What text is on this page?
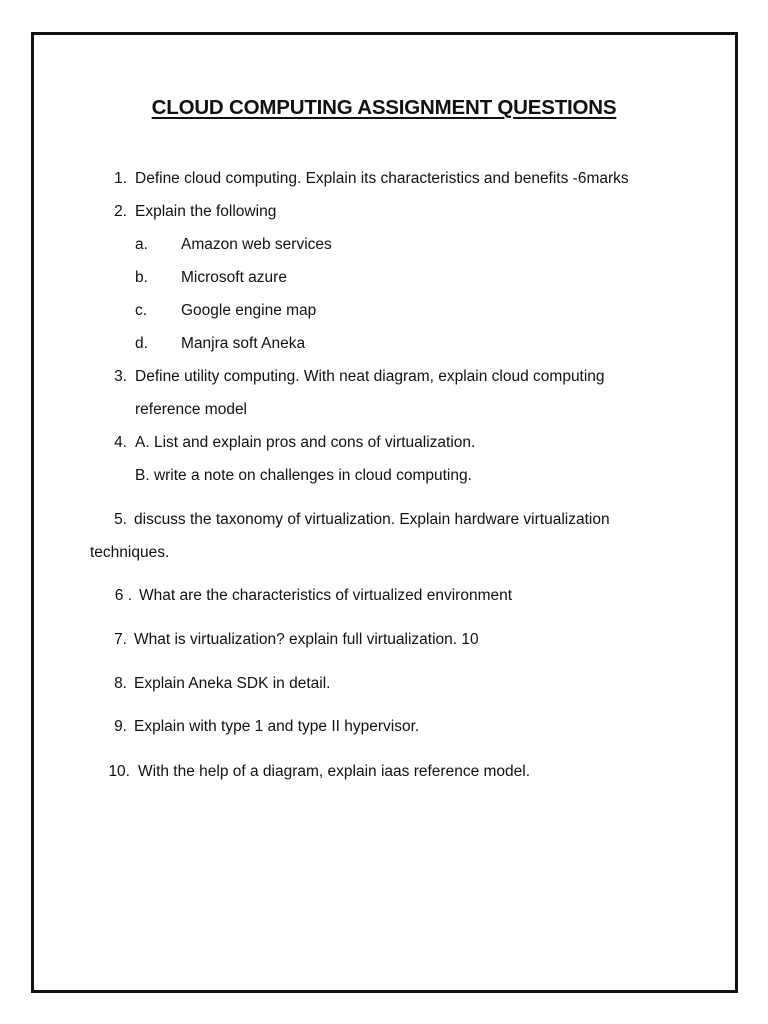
CLOUD COMPUTING ASSIGNMENT QUESTIONS
1. Define cloud computing. Explain its characteristics and benefits -6marks
2. Explain the following
a. Amazon web services
b. Microsoft azure
c. Google engine map
d. Manjra soft Aneka
3. Define utility computing. With neat diagram, explain cloud computing
reference model
4. A. List and explain pros and cons of virtualization.
B. write a note on challenges in cloud computing.
5. discuss the taxonomy of virtualization. Explain hardware virtualization
techniques.
6 . What are the characteristics of virtualized environment
7. What is virtualization? explain full virtualization. 10
8. Explain Aneka SDK in detail.
9. Explain with type 1 and type II hypervisor.
10. With the help of a diagram, explain iaas reference model.
